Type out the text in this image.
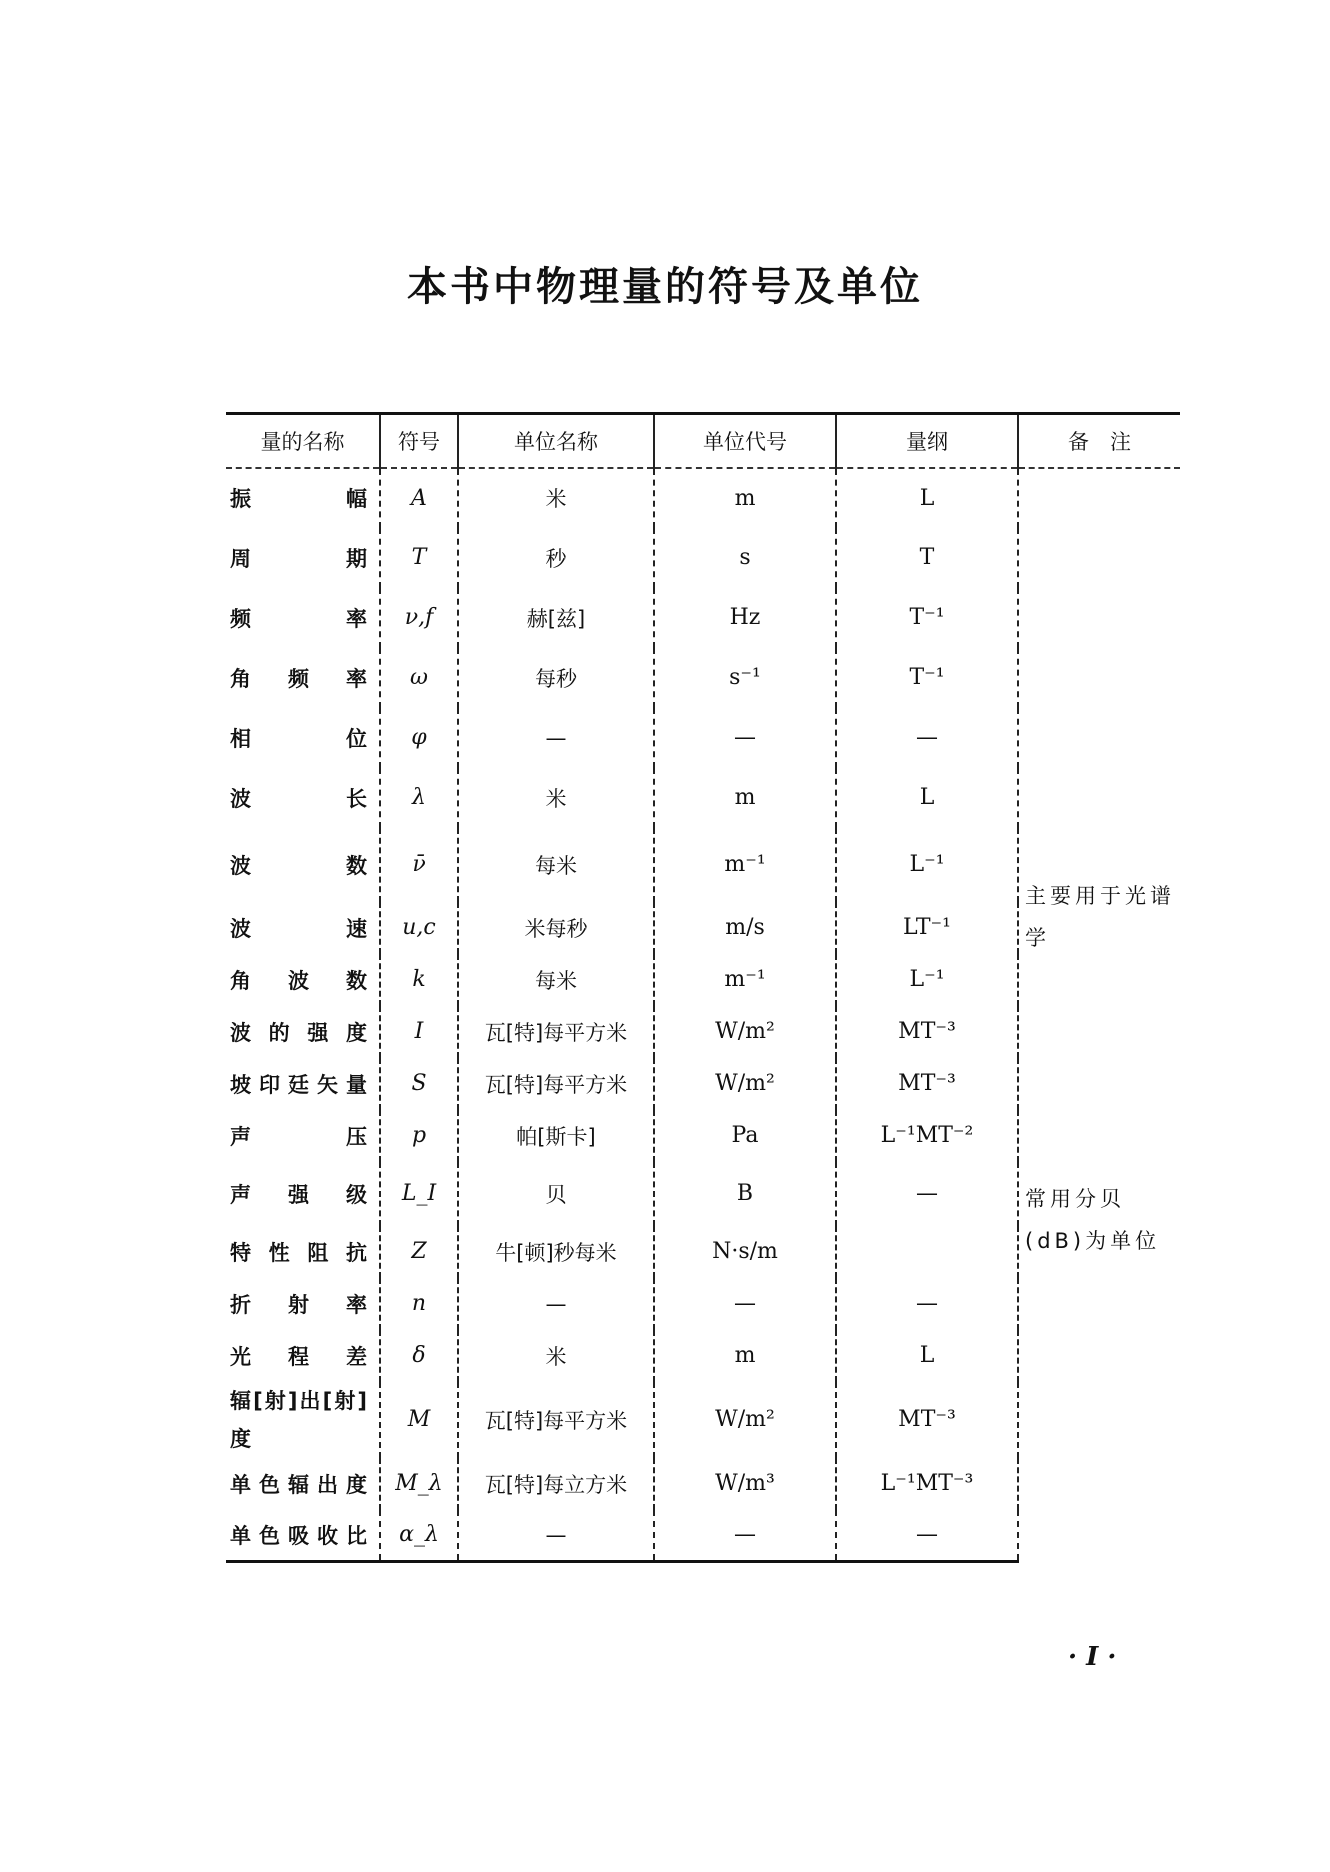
本书中物理量的符号及单位
量的名称	符号	单位名称	单位代号	量纲	备　注
振　　幅	A	米	m	L	
周　　期	T	秒	s	T	
频　　率	ν,f	赫[兹]	Hz	T⁻¹	
角频率	ω	每秒	s⁻¹	T⁻¹	
相　　位	φ	—	—	—	
波　　长	λ	米	m	L	
波　　数	ν̄	每米	m⁻¹	L⁻¹	主要用于光谱学
波　　速	u,c	米每秒	m/s	LT⁻¹	
角波数	k	每米	m⁻¹	L⁻¹	
波的强度	I	瓦[特]每平方米	W/m²	MT⁻³	
坡印廷矢量	S	瓦[特]每平方米	W/m²	MT⁻³	
声　　压	p	帕[斯卡]	Pa	L⁻¹MT⁻²	
声强级	L_I	贝	B	—	常用分贝(dB)为单位
特性阻抗	Z	牛[顿]秒每米	N·s/m		
折射率	n	—	—	—	
光程差	δ	米	m	L	
辐[射]出[射]度	M	瓦[特]每平方米	W/m²	MT⁻³	
单色辐出度	M_λ	瓦[特]每立方米	W/m³	L⁻¹MT⁻³	
单色吸收比	α_λ	—	—	—	
· I ·
